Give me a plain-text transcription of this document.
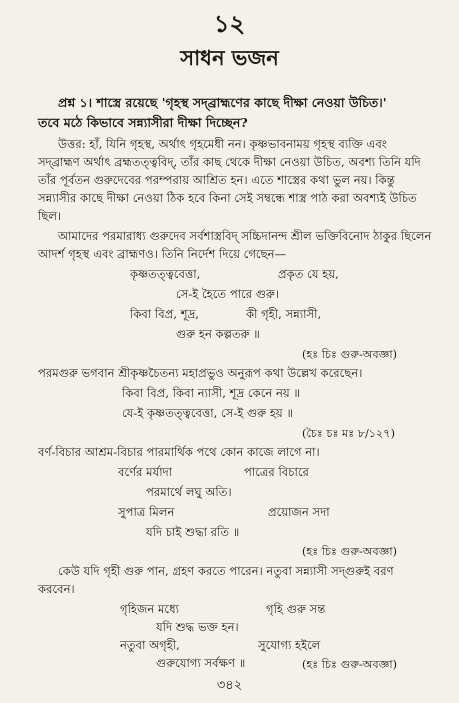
১২
সাধন ভজন
প্রশ্ন ১। শাস্ত্রে রয়েছে 'গৃহস্থ সদ্‌ব্রাহ্মণের কাছে দীক্ষা নেওয়া উচিত।'
তবে মঠে কিভাবে সন্ন্যাসীরা দীক্ষা দিচ্ছেন?
উত্তর: হাঁ, যিনি গৃহস্থ, অর্থাৎ গৃহমেধী নন। কৃষ্ণভাবনাময় গৃহস্থ ব্যক্তি এবং
সদ্‌ব্রাহ্মণ অর্থাৎ ব্রহ্মতত্ত্ববিদ্, তাঁর কাছ থেকে দীক্ষা নেওয়া উচিত, অবশ্য তিনি যদি
তাঁর পূর্বতন গুরুদেবের পরম্পরায় আশ্রিত হন। এতে শাস্ত্রের কথা ভুল নয়। কিন্তু
সন্ন্যাসীর কাছে দীক্ষা নেওয়া ঠিক হবে কিনা সেই সম্বন্ধে শাস্ত্র পাঠ করা অবশ্যই উচিত
ছিল।
আমাদের পরমারাধ্য গুরুদেব সর্বশাস্ত্রবিদ্ সচ্চিদানন্দ শ্রীল ভক্তিবিনোদ ঠাকুর ছিলেন
আদর্শ গৃহস্থ এবং ব্রাহ্মণও। তিনি নির্দেশ দিয়ে গেছেন—
কৃষ্ণতত্ত্ববেত্তা,	প্রকৃত যে হয়,
সে-ই হৈতে পারে গুরু।
কিবা বিপ্র, শূদ্র,	কী গৃহী, সন্ন্যাসী,
গুরু হন কল্পতরু ॥
(হঃ চিঃ গুরু-অবজ্ঞা)
পরমগুরু ভগবান শ্রীকৃষ্ণচৈতন্য মহাপ্রভুও অনুরূপ কথা উল্লেখ করেছেন।
কিবা বিপ্র, কিবা ন্যাসী, শূদ্র কেনে নয় ॥
যে-ই কৃষ্ণতত্ত্ববেত্তা, সে-ই গুরু হয় ॥
(চৈঃ চঃ মঃ ৮/১২৭)
বর্ণ-বিচার আশ্রম-বিচার পারমার্থিক পথে কোন কাজে লাগে না।
বর্ণের মর্যাদা	পাত্রের বিচারে
পরমার্থে লঘু অতি।
সুপাত্র মিলন	প্রয়োজন সদা
যদি চাই শুদ্ধা রতি ॥
(হঃ চিঃ গুরু-অবজ্ঞা)
কেউ যদি গৃহী গুরু পান, গ্রহণ করতে পারেন। নতুবা সন্ন্যাসী সদ্‌গুরুই বরণ
করবেন।
গৃহিজন মধ্যে	গৃহি গুরু সন্ত
যদি শুদ্ধ ভক্ত হন।
নতুবা অগৃহী,	সুযোগ্য হইলে
গুরুযোগ্য সর্বক্ষণ ॥	(হঃ চিঃ গুরু-অবজ্ঞা)
৩৪২
